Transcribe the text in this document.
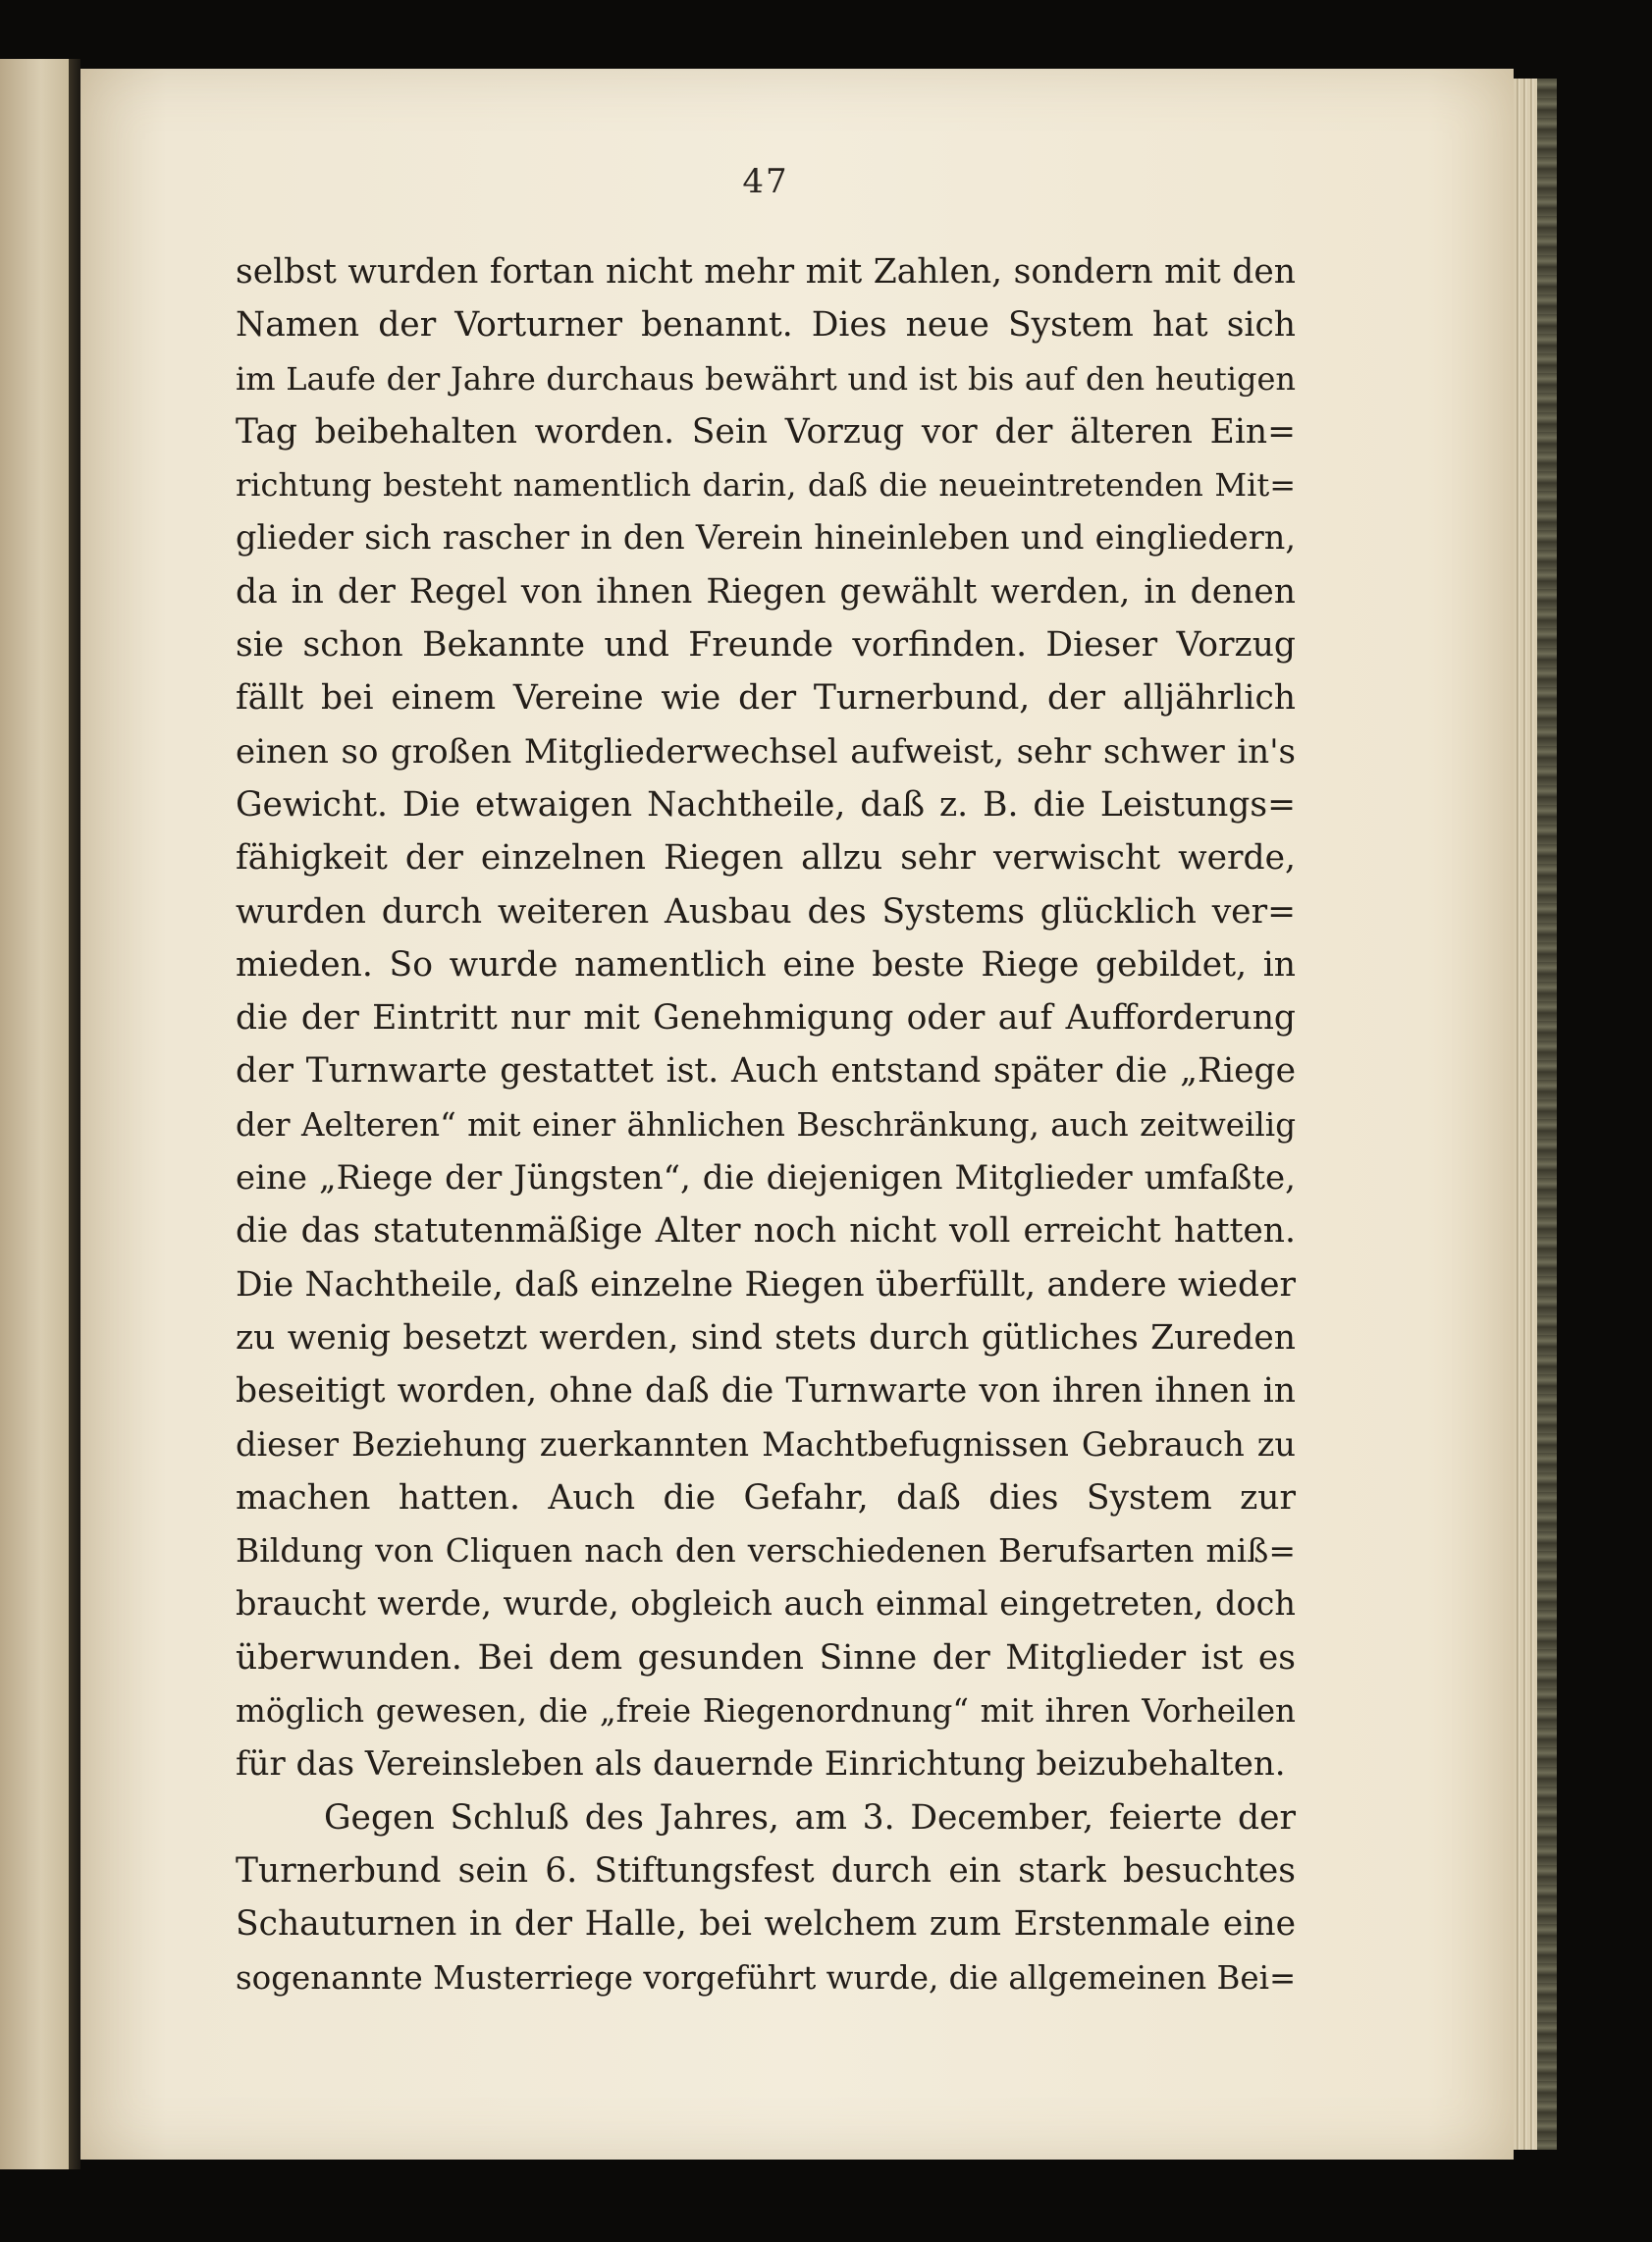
47
selbst wurden fortan nicht mehr mit Zahlen, sondern mit den
Namen der Vorturner benannt. Dies neue System hat sich
im Laufe der Jahre durchaus bewährt und ist bis auf den heutigen
Tag beibehalten worden. Sein Vorzug vor der älteren Ein=
richtung besteht namentlich darin, daß die neueintretenden Mit=
glieder sich rascher in den Verein hineinleben und eingliedern,
da in der Regel von ihnen Riegen gewählt werden, in denen
sie schon Bekannte und Freunde vorfinden. Dieser Vorzug
fällt bei einem Vereine wie der Turnerbund, der alljährlich
einen so großen Mitgliederwechsel aufweist, sehr schwer in's
Gewicht. Die etwaigen Nachtheile, daß z. B. die Leistungs=
fähigkeit der einzelnen Riegen allzu sehr verwischt werde,
wurden durch weiteren Ausbau des Systems glücklich ver=
mieden. So wurde namentlich eine beste Riege gebildet, in
die der Eintritt nur mit Genehmigung oder auf Aufforderung
der Turnwarte gestattet ist. Auch entstand später die „Riege
der Aelteren“ mit einer ähnlichen Beschränkung, auch zeitweilig
eine „Riege der Jüngsten“, die diejenigen Mitglieder umfaßte,
die das statutenmäßige Alter noch nicht voll erreicht hatten.
Die Nachtheile, daß einzelne Riegen überfüllt, andere wieder
zu wenig besetzt werden, sind stets durch gütliches Zureden
beseitigt worden, ohne daß die Turnwarte von ihren ihnen in
dieser Beziehung zuerkannten Machtbefugnissen Gebrauch zu
machen hatten. Auch die Gefahr, daß dies System zur
Bildung von Cliquen nach den verschiedenen Berufsarten miß=
braucht werde, wurde, obgleich auch einmal eingetreten, doch
überwunden. Bei dem gesunden Sinne der Mitglieder ist es
möglich gewesen, die „freie Riegenordnung“ mit ihren Vorheilen
für das Vereinsleben als dauernde Einrichtung beizubehalten.
Gegen Schluß des Jahres, am 3. December, feierte der
Turnerbund sein 6. Stiftungsfest durch ein stark besuchtes
Schauturnen in der Halle, bei welchem zum Erstenmale eine
sogenannte Musterriege vorgeführt wurde, die allgemeinen Bei=
